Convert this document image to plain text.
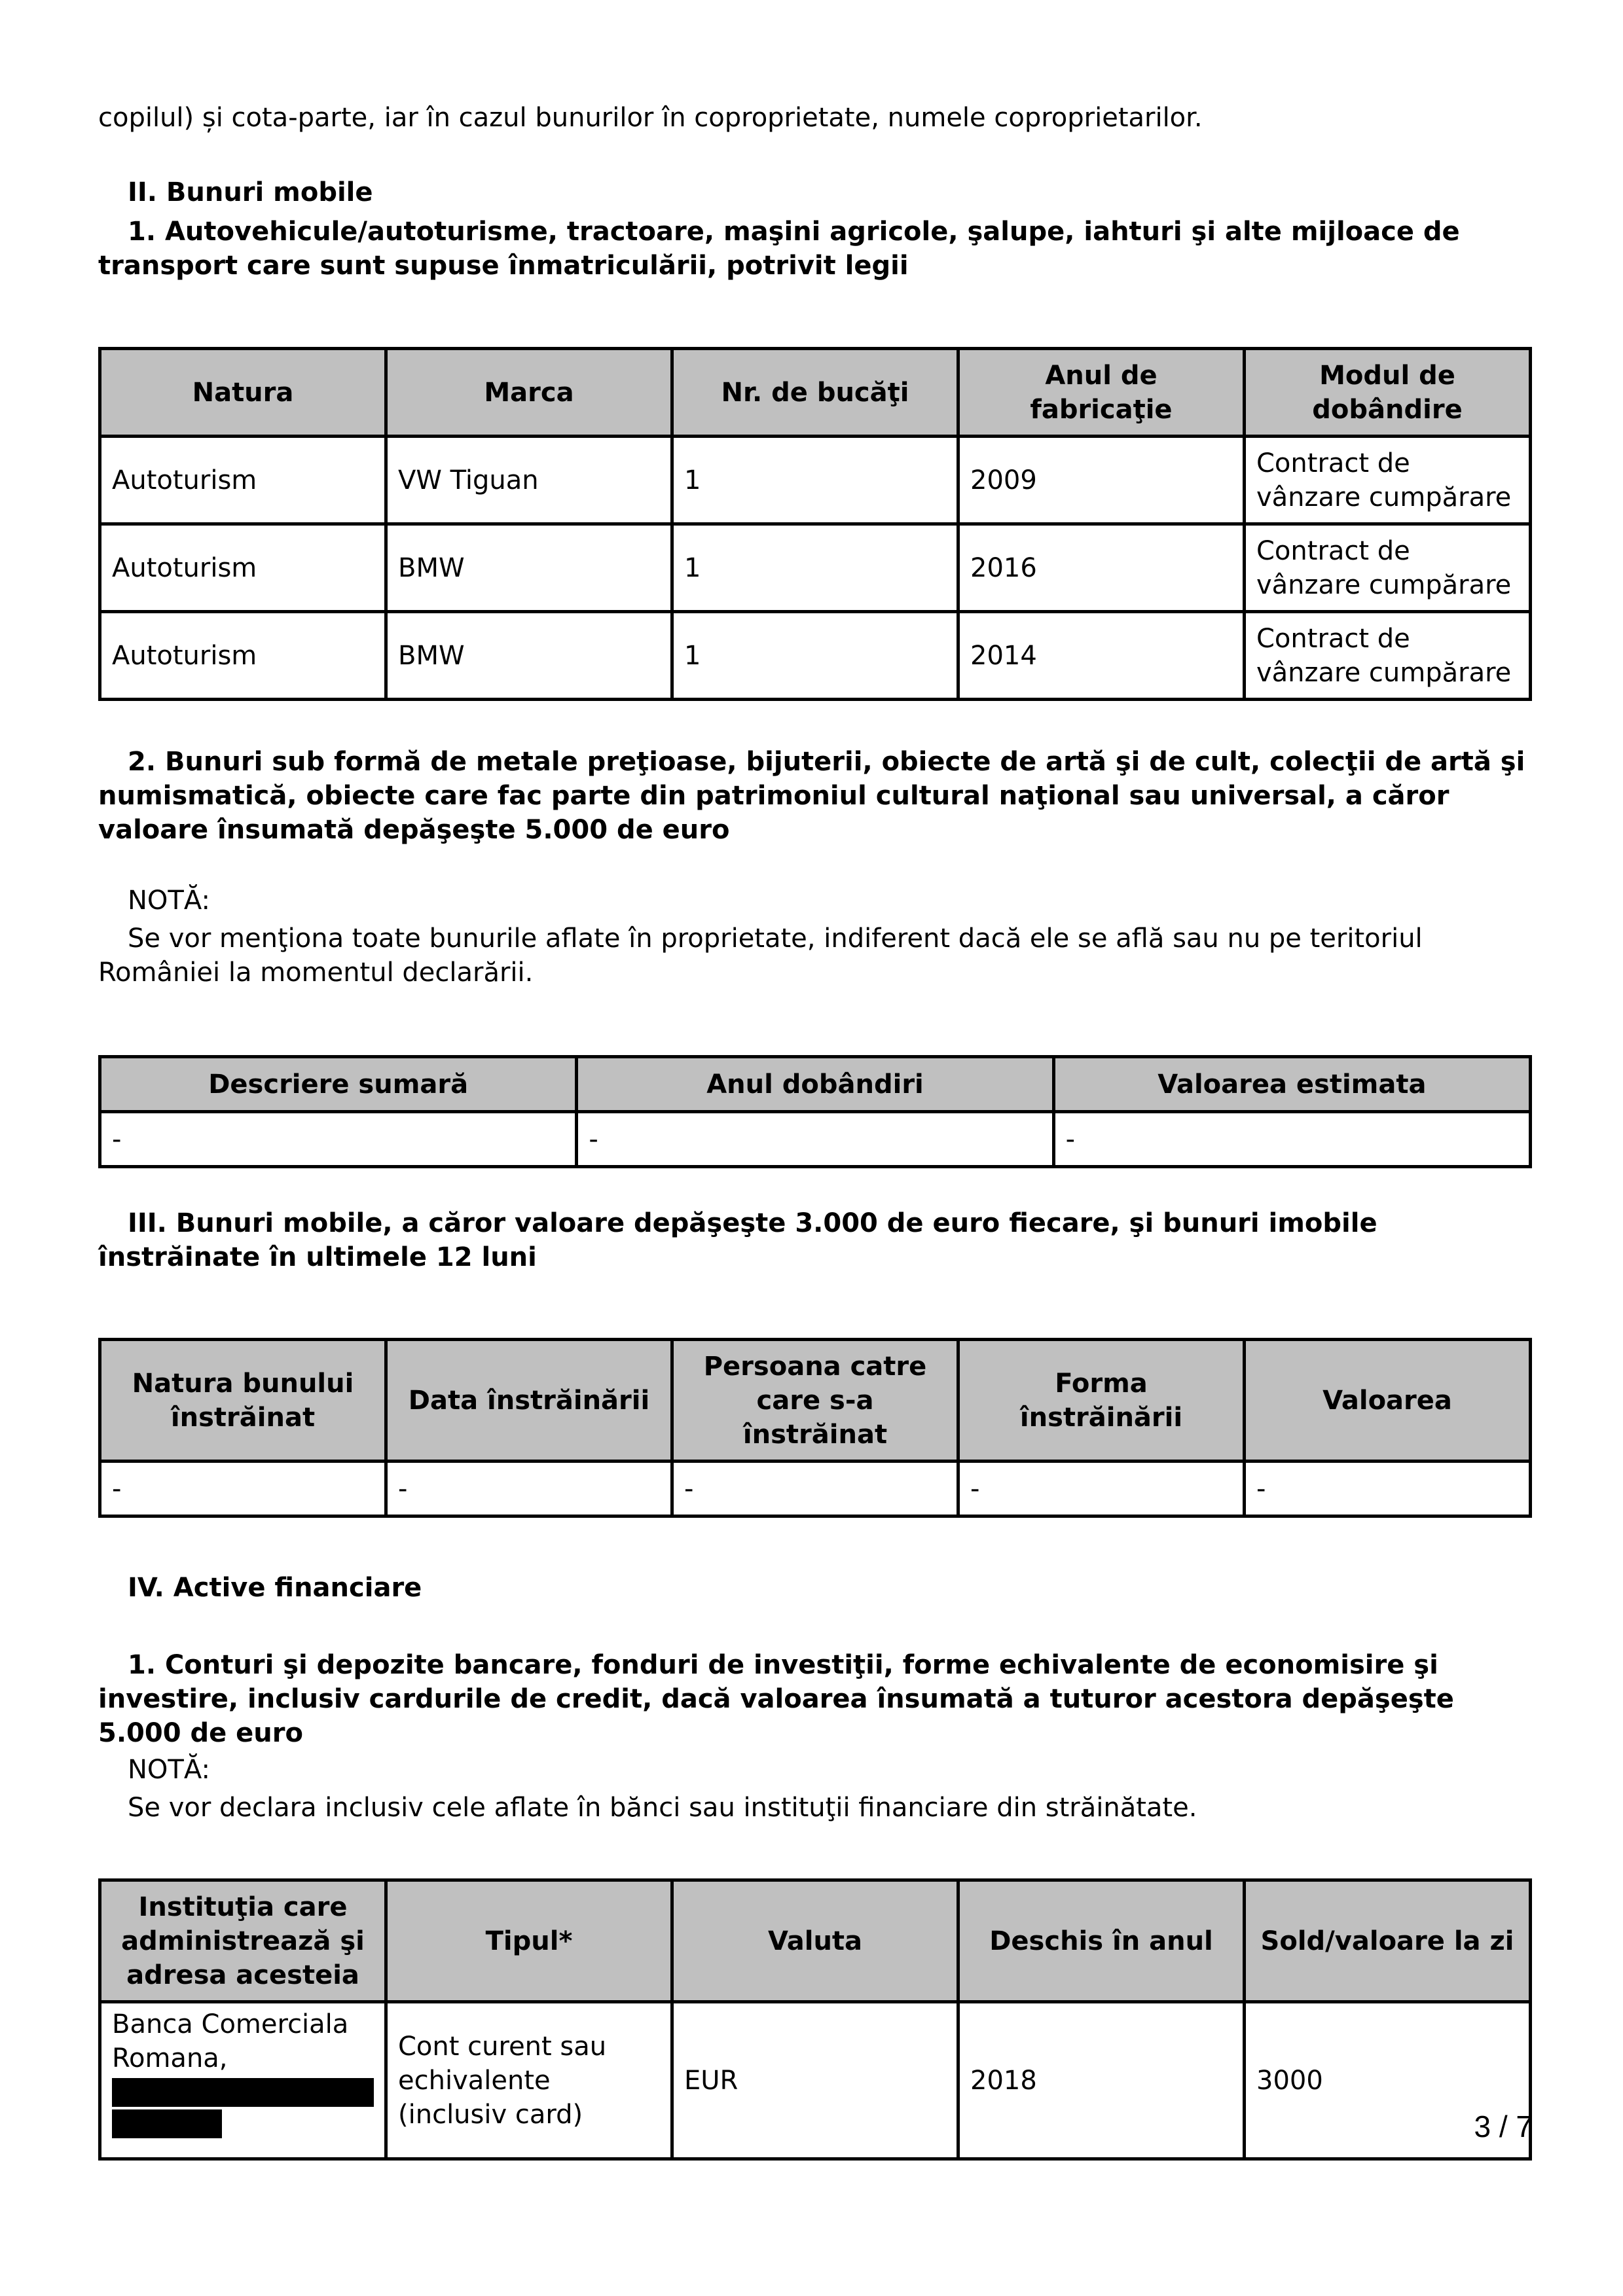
copilul) și cota-parte, iar în cazul bunurilor în coproprietate, numele coproprietarilor.
II. Bunuri mobile
1. Autovehicule/autoturisme, tractoare, maşini agricole, şalupe, iahturi şi alte mijloace de transport care sunt supuse înmatriculării, potrivit legii
Natura	Marca	Nr. de bucăţi	Anul de fabricaţie	Modul de dobândire
Autoturism	VW Tiguan	1	2009	Contract de vânzare cumpărare
Autoturism	BMW	1	2016	Contract de vânzare cumpărare
Autoturism	BMW	1	2014	Contract de vânzare cumpărare
2. Bunuri sub formă de metale preţioase, bijuterii, obiecte de artă şi de cult, colecţii de artă şi numismatică, obiecte care fac parte din patrimoniul cultural naţional sau universal, a căror valoare însumată depăşeşte 5.000 de euro
NOTĂ:
Se vor menţiona toate bunurile aflate în proprietate, indiferent dacă ele se află sau nu pe teritoriul României la momentul declarării.
Descriere sumară	Anul dobândiri	Valoarea estimata
-	-	-
III. Bunuri mobile, a căror valoare depăşeşte 3.000 de euro fiecare, şi bunuri imobile înstrăinate în ultimele 12 luni
Natura bunului înstrăinat	Data înstrăinării	Persoana catre care s-a înstrăinat	Forma înstrăinării	Valoarea
-	-	-	-	-
IV. Active financiare
1. Conturi şi depozite bancare, fonduri de investiţii, forme echivalente de economisire şi investire, inclusiv cardurile de credit, dacă valoarea însumată a tuturor acestora depăşeşte 5.000 de euro
NOTĂ:
Se vor declara inclusiv cele aflate în bănci sau instituţii financiare din străinătate.
Instituţia care administrează şi adresa acesteia	Tipul*	Valuta	Deschis în anul	Sold/valoare la zi
Banca Comerciala Romana,	Cont curent sau echivalente (inclusiv card)	EUR	2018	3000
3 / 7
